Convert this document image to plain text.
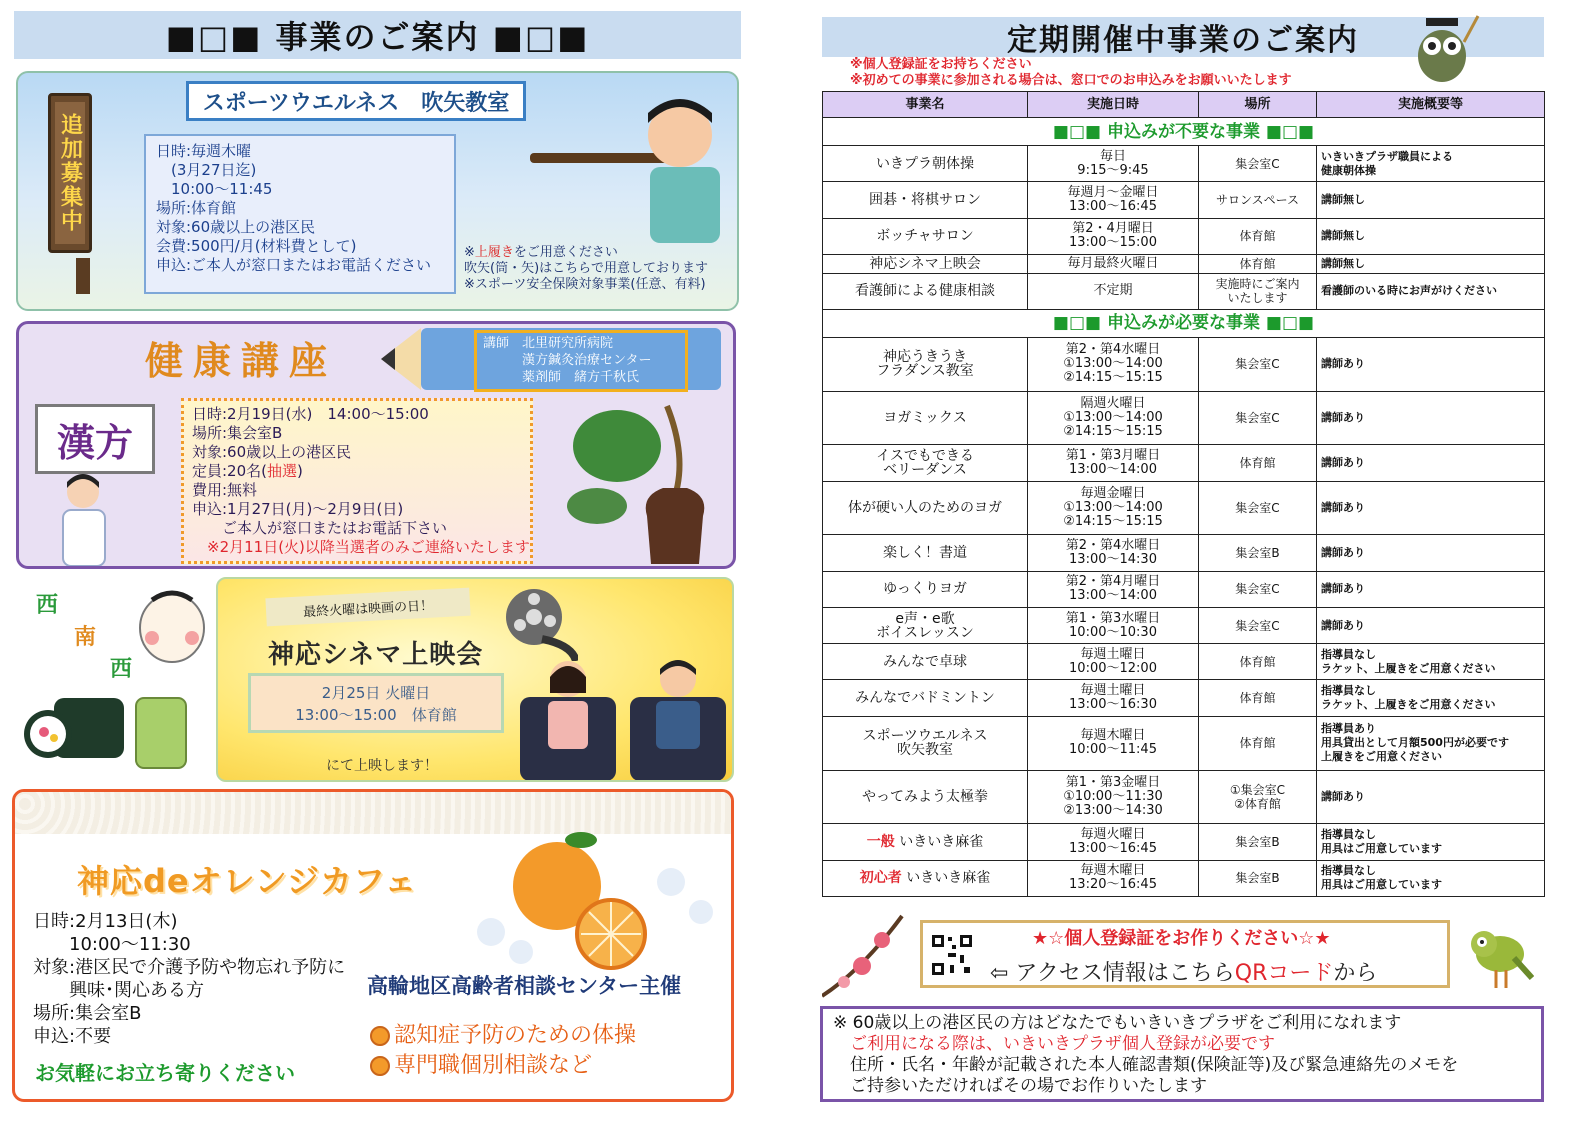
■□■ 事業のご案内 ■□■
追加募集中
スポーツウエルネス　吹矢教室
日時:毎週木曜
　(3月27日迄)
　10:00～11:45
場所:体育館
対象:60歳以上の港区民
会費:500円/月(材料費として)
申込:ご本人が窓口またはお電話ください
※上履きをご用意ください
吹矢(筒・矢)はこちらで用意しております
※スポーツ安全保険対象事業(任意、有料)
健康講座	講師　北里研究所病院
　　　漢方鍼灸治療センター
　　　薬剤師　緒方千秋氏
漢方
日時:2月19日(水)　14:00～15:00
場所:集会室B
対象:60歳以上の港区民
定員:20名(抽選)
費用:無料
申込:1月27日(月)～2月9日(日)
　　ご本人が窓口またはお電話下さい
　※2月11日(火)以降当選者のみご連絡いたします
西
南
西
最終火曜は映画の日！
神応シネマ上映会
2月25日 火曜日
13:00～15:00　体育館
にて上映します！
神応deオレンジカフェ
日時:2月13日(木)
　　10:00～11:30
対象:港区民で介護予防や物忘れ予防に
　　興味･関心ある方
場所:集会室B
申込:不要
お気軽にお立ち寄りください
高輪地区高齢者相談センター主催
認知症予防のための体操
専門職個別相談など
定期開催中事業のご案内
※個人登録証をお持ちください
※初めての事業に参加される場合は、窓口でのお申込みをお願いいたします
事業名	実施日時	場所	実施概要等
■□■ 申込みが不要な事業 ■□■			
いきプラ朝体操	毎日
9:15～9:45	集会室C	いきいきプラザ職員による
健康朝体操
囲碁・将棋サロン	毎週月～金曜日
13:00～16:45	サロンスペース	講師無し
ボッチャサロン	第2・4月曜日
13:00～15:00	体育館	講師無し
神応シネマ上映会	毎月最終火曜日	体育館	講師無し
看護師による健康相談	不定期	実施時にご案内
いたします	看護師のいる時にお声がけください
■□■ 申込みが必要な事業 ■□■			
神応うきうき
フラダンス教室	第2・第4水曜日
①13:00～14:00
②14:15～15:15	集会室C	講師あり
ヨガミックス	隔週火曜日
①13:00～14:00
②14:15～15:15	集会室C	講師あり
イスでもできる
ベリーダンス	第1・第3月曜日
13:00～14:00	体育館	講師あり
体が硬い人のためのヨガ	毎週金曜日
①13:00～14:00
②14:15～15:15	集会室C	講師あり
楽しく！書道	第2・第4水曜日
13:00～14:30	集会室B	講師あり
ゆっくりヨガ	第2・第4月曜日
13:00～14:00	集会室C	講師あり
e声・e歌
ボイスレッスン	第1・第3水曜日
10:00～10:30	集会室C	講師あり
みんなで卓球	毎週土曜日
10:00～12:00	体育館	指導員なし
ラケット、上履きをご用意ください
みんなでバドミントン	毎週土曜日
13:00～16:30	体育館	指導員なし
ラケット、上履きをご用意ください
スポーツウエルネス
吹矢教室	毎週木曜日
10:00～11:45	体育館	指導員あり
用具貸出として月額500円が必要です
上履きをご用意ください
やってみよう太極拳	第1・第3金曜日
①10:00～11:30
②13:00～14:30	①集会室C
②体育館	講師あり
一般 いきいき麻雀	毎週火曜日
13:00～16:45	集会室B	指導員なし
用具はご用意しています
初心者 いきいき麻雀	毎週木曜日
13:20～16:45	集会室B	指導員なし
用具はご用意しています
★☆個人登録証をお作りください☆★
⇦ アクセス情報はこちらQRコードから
※ 60歳以上の港区民の方はどなたでもいきいきプラザをご利用になれます
　ご利用になる際は、いきいきプラザ個人登録が必要です
　住所・氏名・年齢が記載された本人確認書類(保険証等)及び緊急連絡先のメモを
　ご持参いただければその場でお作りいたします
